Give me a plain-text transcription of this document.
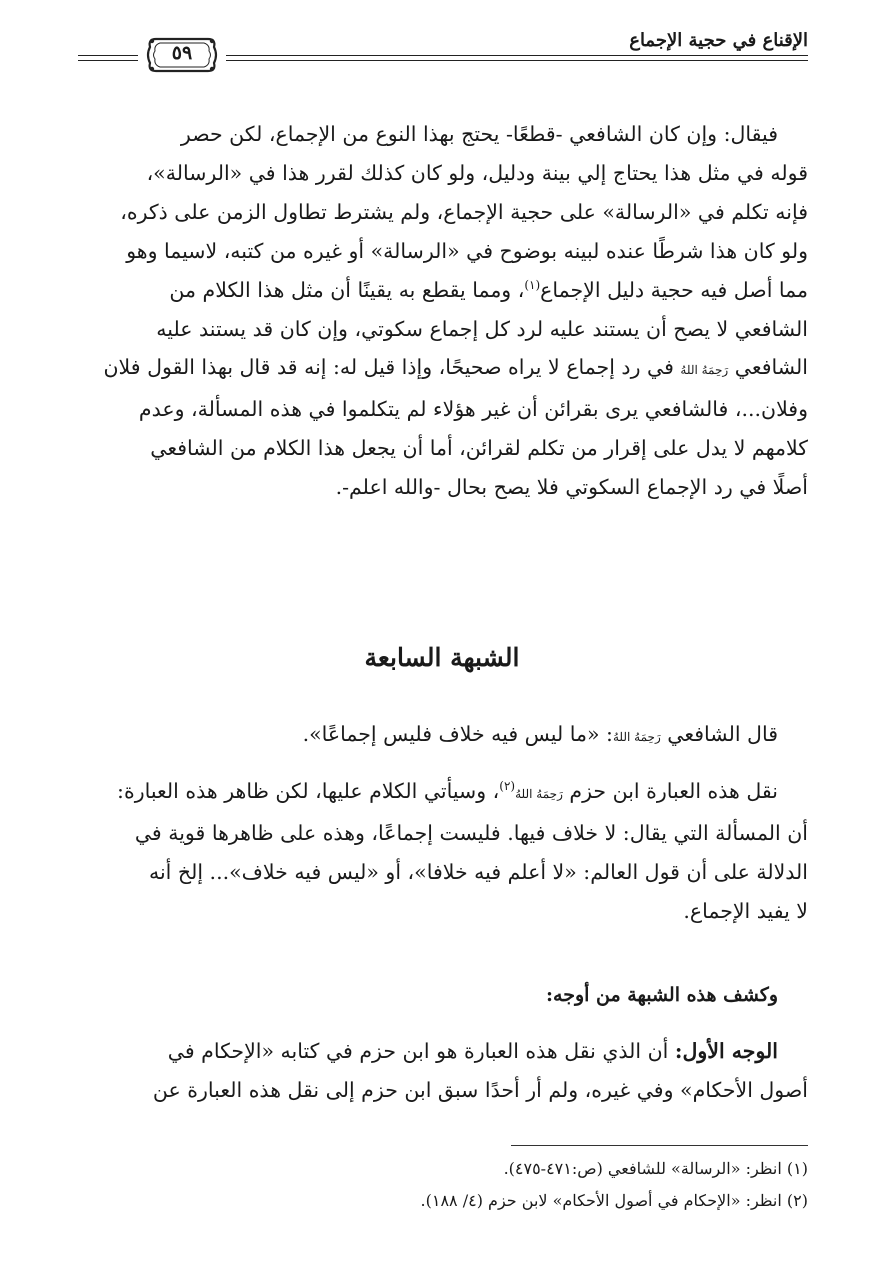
الإقناع في حجية الإجماع
٥٩

فيقال: وإن كان الشافعي -قطعًا- يحتج بهذا النوع من الإجماع، لكن حصر

قوله في مثل هذا يحتاج إلي بينة ودليل، ولو كان كذلك لقرر هذا في «الرسالة»،

فإنه تكلم في «الرسالة» على حجية الإجماع، ولم يشترط تطاول الزمن على ذكره،

ولو كان هذا شرطًا عنده لبينه بوضوح في «الرسالة» أو غيره من كتبه، لاسيما وهو

مما أصل فيه حجية دليل الإجماع$^{(١)}$، ومما يقطع به يقينًا أن مثل هذا الكلام من

الشافعي لا يصح أن يستند عليه لرد كل إجماع سكوتي، وإن كان قد يستند عليه

الشافعي رَحِمَهُ اللهُ في رد إجماع لا يراه صحيحًا، وإذا قيل له: إنه قد قال بهذا القول فلان

وفلان...، فالشافعي يرى بقرائن أن غير هؤلاء لم يتكلموا في هذه المسألة، وعدم

كلامهم لا يدل على إقرار من تكلم لقرائن، أما أن يجعل هذا الكلام من الشافعي

أصلًا في رد الإجماع السكوتي فلا يصح بحال -والله اعلم-.

الشبهة السابعة

قال الشافعي رَحِمَهُ اللهُ: «ما ليس فيه خلاف فليس إجماعًا».

نقل هذه العبارة ابن حزم رَحِمَهُ اللهُ$^{(٢)}$، وسيأتي الكلام عليها، لكن ظاهر هذه العبارة:

أن المسألة التي يقال: لا خلاف فيها. فليست إجماعًا، وهذه على ظاهرها قوية في

الدلالة على أن قول العالم: «لا أعلم فيه خلافا»، أو «ليس فيه خلاف»... إلخ أنه

لا يفيد الإجماع.

وكشف هذه الشبهة من أوجه:

الوجه الأول: أن الذي نقل هذه العبارة هو ابن حزم في كتابه «الإحكام في

أصول الأحكام» وفي غيره، ولم أر أحدًا سبق ابن حزم إلى نقل هذه العبارة عن

(١) انظر: «الرسالة» للشافعي (ص:٤٧١-٤٧٥).

(٢) انظر: «الإحكام في أصول الأحكام» لابن حزم (٤/ ١٨٨).
